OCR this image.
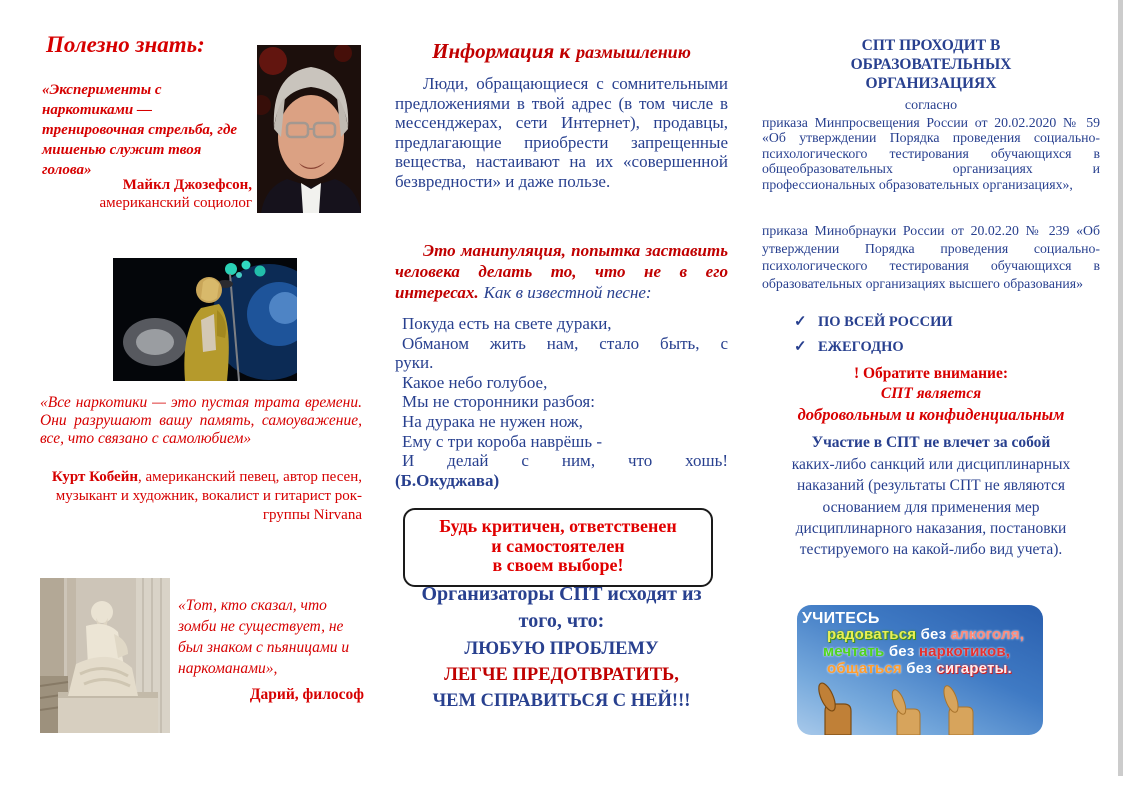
Полезно знать:

«Эксперименты с наркотиками — тренировочная стрельба, где мишенью служит твоя голова»

Майкл Джозефсон,
американский социолог

«Все наркотики — это пустая трата времени. Они разрушают вашу память, самоуважение, все, что связано с самолюбием»

Курт Кобейн, американский певец, автор песен, музыкант и художник, вокалист и гитарист рок-группы Nirvana

«Тот, кто сказал, что зомби не существует, не был знаком с пьяницами и наркоманами»,

Дарий, философ
Информация к размышлению

Люди, обращающиеся с сомнительными предложениями в твой адрес (в том числе в мессенджерах, сети Интернет), продавцы, предлагающие приобрести запрещенные вещества, настаивают на их «совершенной безвредности» и даже пользе.

Это манипуляция, попытка заставить человека делать то, что не в его интересах. Как в известной песне:

Покуда есть на свете дураки,
Обманом жить нам, стало быть, с
руки.
Какое небо голубое,
Мы не сторонники разбоя:
На дурака не нужен нож,
Ему с три короба наврёшь -
И делай с ним, что хошь!
(Б.Окуджава)
Будь критичен, ответственен
и самостоятелен
в своем выборе!
Организаторы СПТ исходят из
того, что:
ЛЮБУЮ ПРОБЛЕМУ
ЛЕГЧЕ ПРЕДОТВРАТИТЬ,
ЧЕМ СПРАВИТЬСЯ С НЕЙ!!!
СПТ ПРОХОДИТ В
ОБРАЗОВАТЕЛЬНЫХ
ОРГАНИЗАЦИЯХ
согласно

приказа Минпросвещения России от 20.02.2020 № 59 «Об утверждении Порядка проведения социально-психологического тестирования обучающихся в общеобразовательных организациях и профессиональных образовательных организациях»,

приказа Минобрнауки России от 20.02.20 № 239 «Об утверждении Порядка проведения социально-психологического тестирования обучающихся в образовательных организациях высшего образования»

✓ ПО ВСЕЙ РОССИИ
✓ ЕЖЕГОДНО
! Обратите внимание:
СПТ является
добровольным и конфиденциальным
Участие в СПТ не влечет за собой
каких-либо санкций или дисциплинарных наказаний (результаты СПТ не являются основанием для применения мер дисциплинарного наказания, постановки тестируемого на какой-либо вид учета).
УЧИТЕСЬ
радоваться без алкоголя,
мечтать без наркотиков,
общаться без сигареты.
